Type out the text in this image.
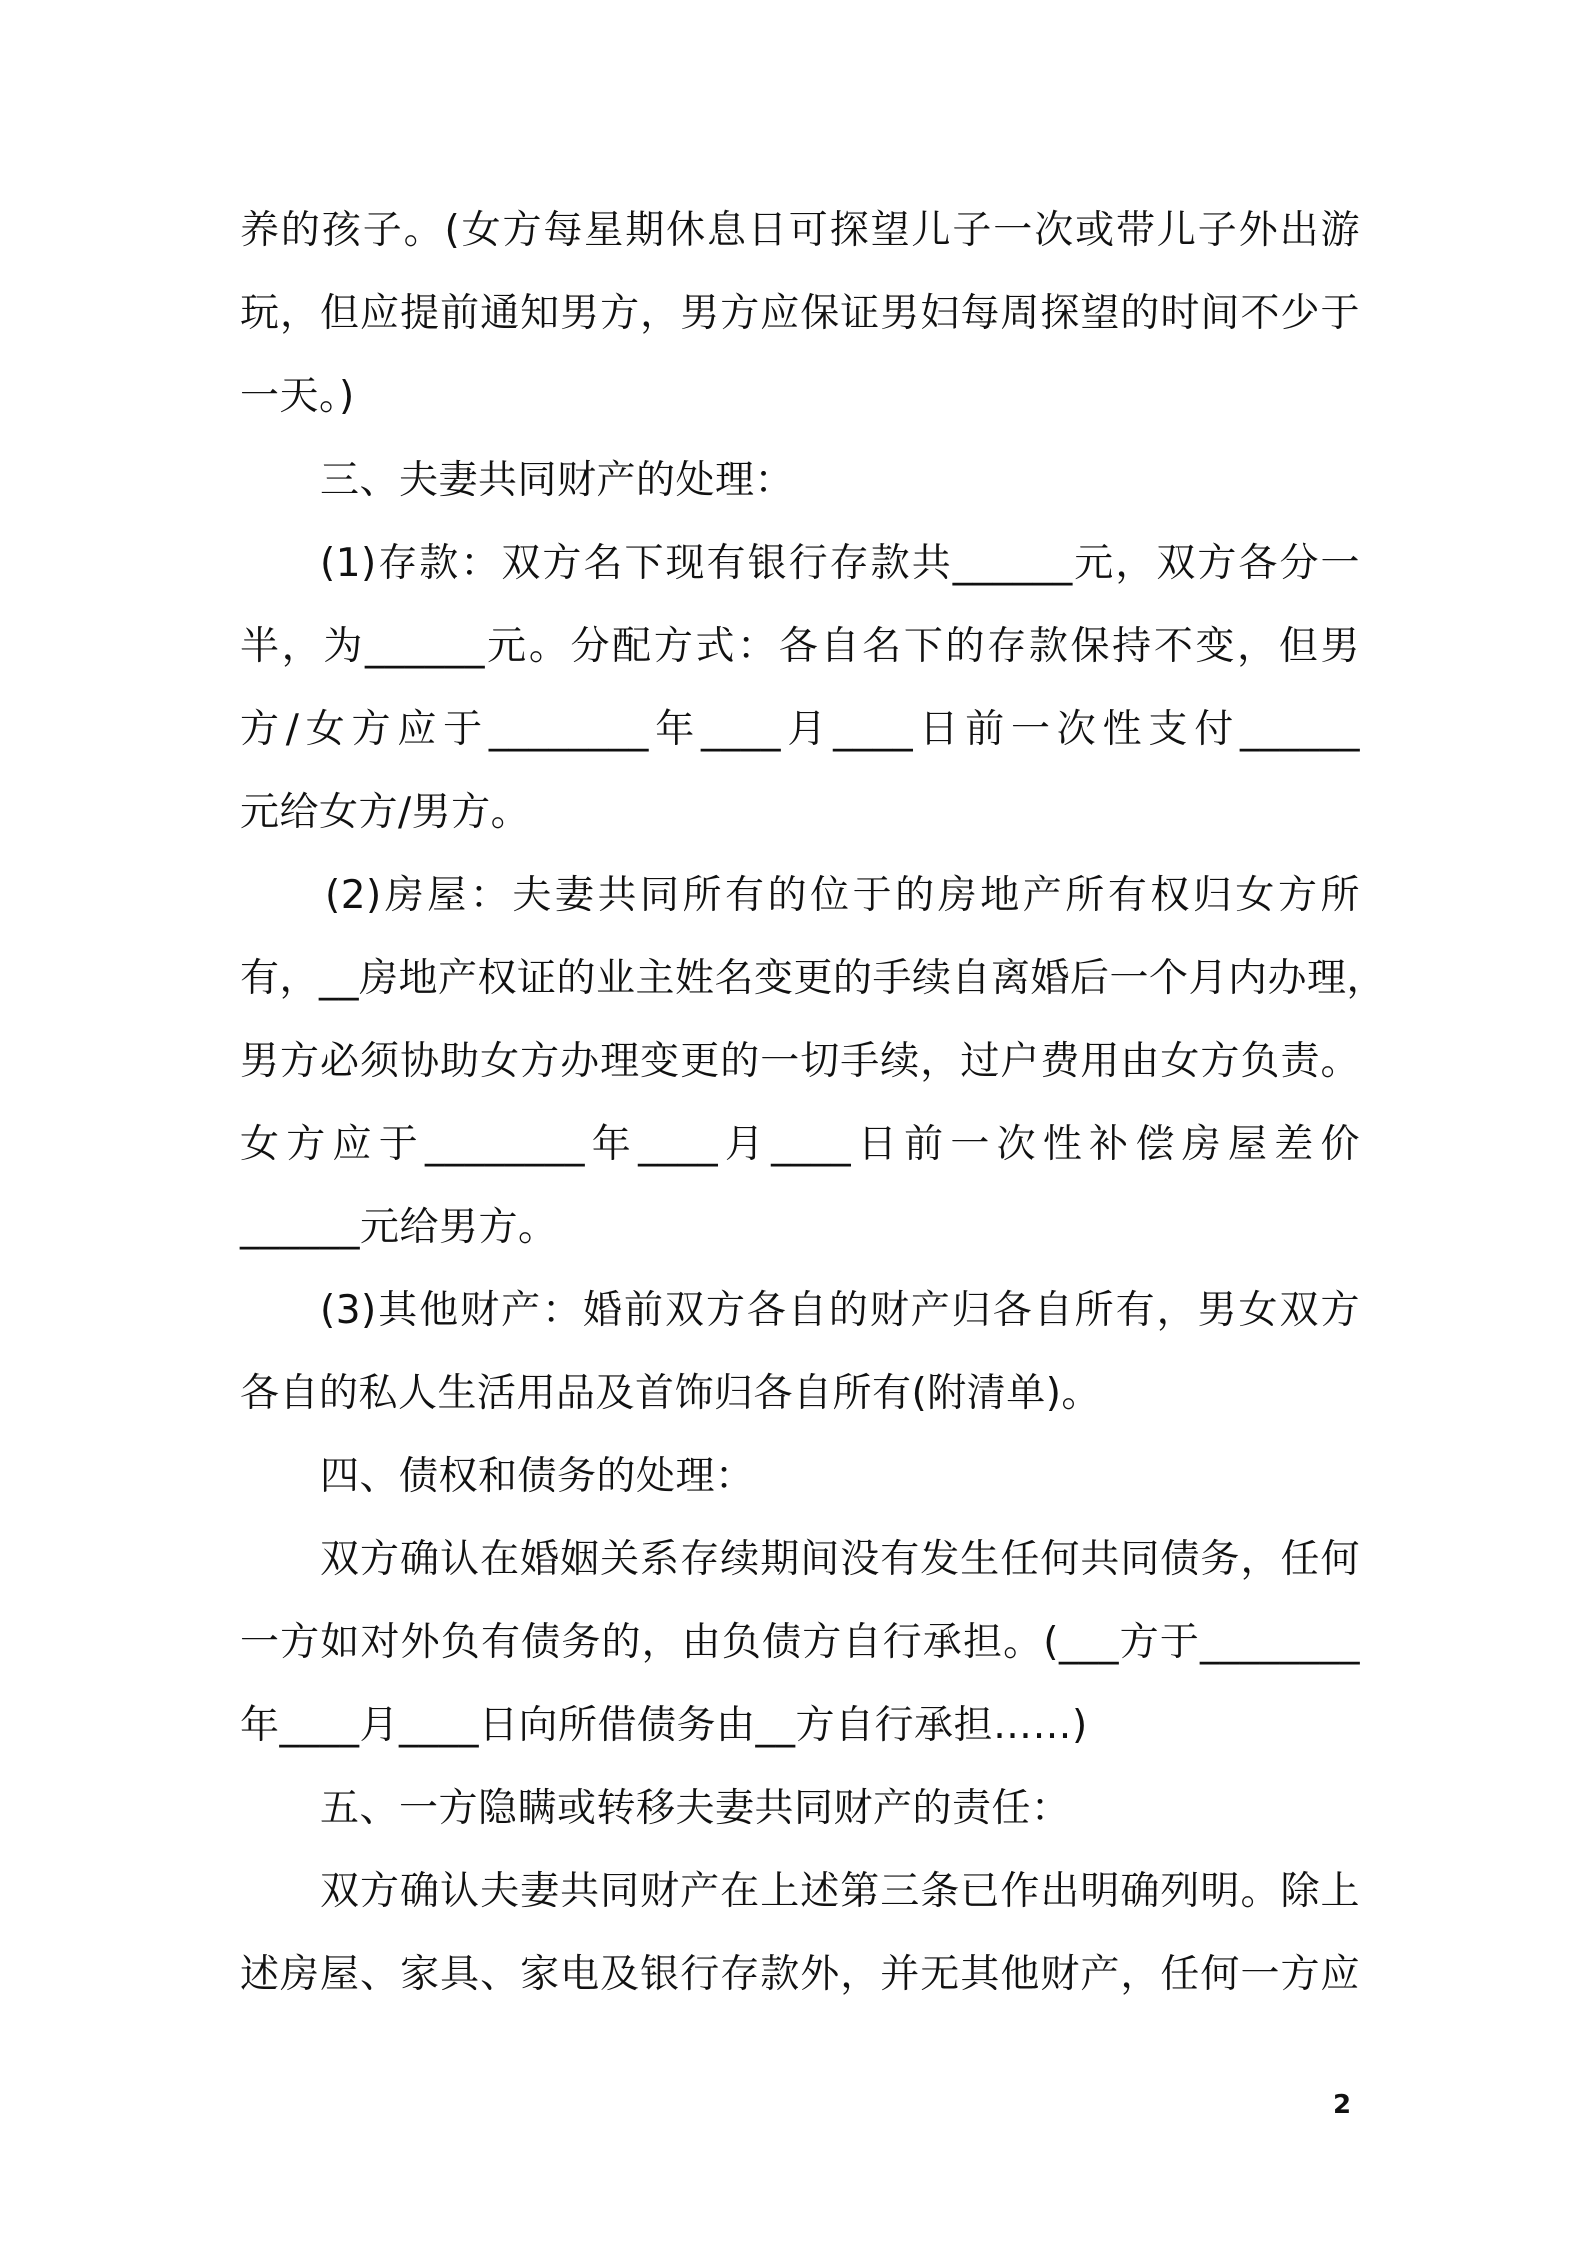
养的孩子。(女方每星期休息日可探望儿子一次或带儿子外出游
玩，但应提前通知男方，男方应保证男妇每周探望的时间不少于
一天。)
三、夫妻共同财产的处理：
(1)存款：双方名下现有银行存款共______元，双方各分一
半，为______元。分配方式：各自名下的存款保持不变，但男
方/女方应于________年____月____日前一次性支付______
元给女方/男方。
(2)房屋：夫妻共同所有的位于的房地产所有权归女方所
有，__房地产权证的业主姓名变更的手续自离婚后一个月内办理，
男方必须协助女方办理变更的一切手续，过户费用由女方负责。
女方应于________年____月____日前一次性补偿房屋差价
______元给男方。
(3)其他财产：婚前双方各自的财产归各自所有，男女双方
各自的私人生活用品及首饰归各自所有(附清单)。
四、债权和债务的处理：
双方确认在婚姻关系存续期间没有发生任何共同债务，任何
一方如对外负有债务的，由负债方自行承担。(___方于________
年____月____日向所借债务由__方自行承担……)
五、一方隐瞒或转移夫妻共同财产的责任：
双方确认夫妻共同财产在上述第三条已作出明确列明。除上
述房屋、家具、家电及银行存款外，并无其他财产，任何一方应
2
